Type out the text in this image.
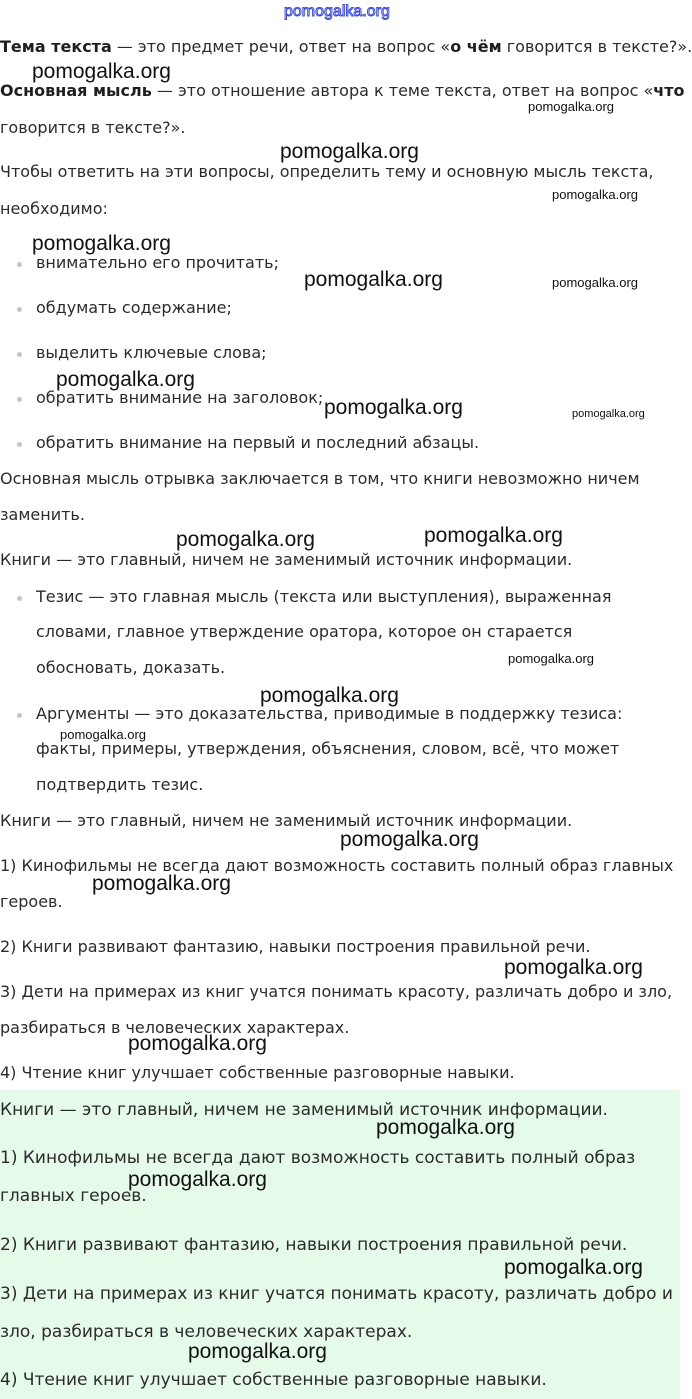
pomogalka.org
Тема текста — это предмет речи, ответ на вопрос «о чём говорится в тексте?».
Основная мысль — это отношение автора к теме текста, ответ на вопрос «что
говорится в тексте?».
Чтобы ответить на эти вопросы, определить тему и основную мысль текста,
необходимо:
внимательно его прочитать;
обдумать содержание;
выделить ключевые слова;
обратить внимание на заголовок;
обратить внимание на первый и последний абзацы.
Основная мысль отрывка заключается в том, что книги невозможно ничем
заменить.
Книги — это главный, ничем не заменимый источник информации.
Тезис — это главная мысль (текста или выступления), выраженная
словами, главное утверждение оратора, которое он старается
обосновать, доказать.
Аргументы — это доказательства, приводимые в поддержку тезиса:
факты, примеры, утверждения, объяснения, словом, всё, что может
подтвердить тезис.
Книги — это главный, ничем не заменимый источник информации.
1) Кинофильмы не всегда дают возможность составить полный образ главных
героев.
2) Книги развивают фантазию, навыки построения правильной речи.
3) Дети на примерах из книг учатся понимать красоту, различать добро и зло,
разбираться в человеческих характерах.
4) Чтение книг улучшает собственные разговорные навыки.
Книги — это главный, ничем не заменимый источник информации.
1) Кинофильмы не всегда дают возможность составить полный образ
главных героев.
2) Книги развивают фантазию, навыки построения правильной речи.
3) Дети на примерах из книг учатся понимать красоту, различать добро и
зло, разбираться в человеческих характерах.
4) Чтение книг улучшает собственные разговорные навыки.
pomogalka.org
pomogalka.org
pomogalka.org
pomogalka.org
pomogalka.org
pomogalka.org	pomogalka.org
pomogalka.org
pomogalka.org	pomogalka.org
pomogalka.org	pomogalka.org
pomogalka.org
pomogalka.org
pomogalka.org
pomogalka.org
pomogalka.org
pomogalka.org
pomogalka.org
pomogalka.org
pomogalka.org
pomogalka.org
pomogalka.org
